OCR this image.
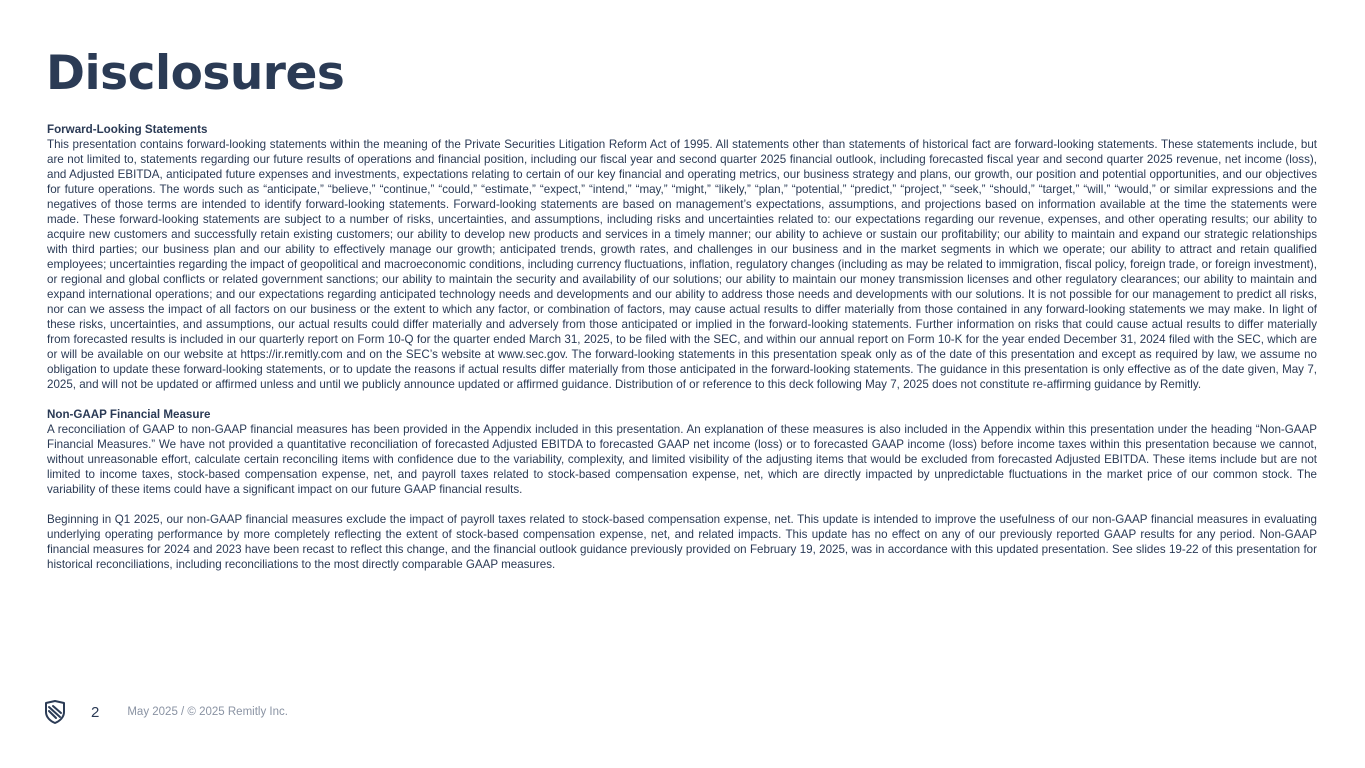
Disclosures
Forward-Looking Statements

This presentation contains forward-looking statements within the meaning of the Private Securities Litigation Reform Act of 1995. All statements other than statements of historical fact are forward-looking statements. These statements include, but are not limited to, statements regarding our future results of operations and financial position, including our fiscal year and second quarter 2025 financial outlook, including forecasted fiscal year and second quarter 2025 revenue, net income (loss), and Adjusted EBITDA, anticipated future expenses and investments, expectations relating to certain of our key financial and operating metrics, our business strategy and plans, our growth, our position and potential opportunities, and our objectives for future operations. The words such as “anticipate,” “believe,” “continue,” “could,” “estimate,” “expect,” “intend,” “may,” “might,” “likely,” “plan,” “potential,” “predict,” “project,” “seek,” “should,” “target,” “will,” “would,” or similar expressions and the negatives of those terms are intended to identify forward-looking statements. Forward-looking statements are based on management’s expectations, assumptions, and projections based on information available at the time the statements were made. These forward-looking statements are subject to a number of risks, uncertainties, and assumptions, including risks and uncertainties related to: our expectations regarding our revenue, expenses, and other operating results; our ability to acquire new customers and successfully retain existing customers; our ability to develop new products and services in a timely manner; our ability to achieve or sustain our profitability; our ability to maintain and expand our strategic relationships with third parties; our business plan and our ability to effectively manage our growth; anticipated trends, growth rates, and challenges in our business and in the market segments in which we operate; our ability to attract and retain qualified employees; uncertainties regarding the impact of geopolitical and macroeconomic conditions, including currency fluctuations, inflation, regulatory changes (including as may be related to immigration, fiscal policy, foreign trade, or foreign investment), or regional and global conflicts or related government sanctions; our ability to maintain the security and availability of our solutions; our ability to maintain our money transmission licenses and other regulatory clearances; our ability to maintain and expand international operations; and our expectations regarding anticipated technology needs and developments and our ability to address those needs and developments with our solutions. It is not possible for our management to predict all risks, nor can we assess the impact of all factors on our business or the extent to which any factor, or combination of factors, may cause actual results to differ materially from those contained in any forward-looking statements we may make. In light of these risks, uncertainties, and assumptions, our actual results could differ materially and adversely from those anticipated or implied in the forward-looking statements. Further information on risks that could cause actual results to differ materially from forecasted results is included in our quarterly report on Form 10-Q for the quarter ended March 31, 2025, to be filed with the SEC, and within our annual report on Form 10-K for the year ended December 31, 2024 filed with the SEC, which are or will be available on our website at https://ir.remitly.com and on the SEC’s website at www.sec.gov. The forward-looking statements in this presentation speak only as of the date of this presentation and except as required by law, we assume no obligation to update these forward-looking statements, or to update the reasons if actual results differ materially from those anticipated in the forward-looking statements. The guidance in this presentation is only effective as of the date given, May 7, 2025, and will not be updated or affirmed unless and until we publicly announce updated or affirmed guidance. Distribution of or reference to this deck following May 7, 2025 does not constitute re-affirming guidance by Remitly.

Non-GAAP Financial Measure

A reconciliation of GAAP to non-GAAP financial measures has been provided in the Appendix included in this presentation. An explanation of these measures is also included in the Appendix within this presentation under the heading “Non-GAAP Financial Measures.” We have not provided a quantitative reconciliation of forecasted Adjusted EBITDA to forecasted GAAP net income (loss) or to forecasted GAAP income (loss) before income taxes within this presentation because we cannot, without unreasonable effort, calculate certain reconciling items with confidence due to the variability, complexity, and limited visibility of the adjusting items that would be excluded from forecasted Adjusted EBITDA. These items include but are not limited to income taxes, stock-based compensation expense, net, and payroll taxes related to stock-based compensation expense, net, which are directly impacted by unpredictable fluctuations in the market price of our common stock. The variability of these items could have a significant impact on our future GAAP financial results.

Beginning in Q1 2025, our non-GAAP financial measures exclude the impact of payroll taxes related to stock-based compensation expense, net. This update is intended to improve the usefulness of our non-GAAP financial measures in evaluating underlying operating performance by more completely reflecting the extent of stock-based compensation expense, net, and related impacts. This update has no effect on any of our previously reported GAAP results for any period. Non-GAAP financial measures for 2024 and 2023 have been recast to reflect this change, and the financial outlook guidance previously provided on February 19, 2025, was in accordance with this updated presentation. See slides 19-22 of this presentation for historical reconciliations, including reconciliations to the most directly comparable GAAP measures.

2 May 2025 / © 2025 Remitly Inc.
